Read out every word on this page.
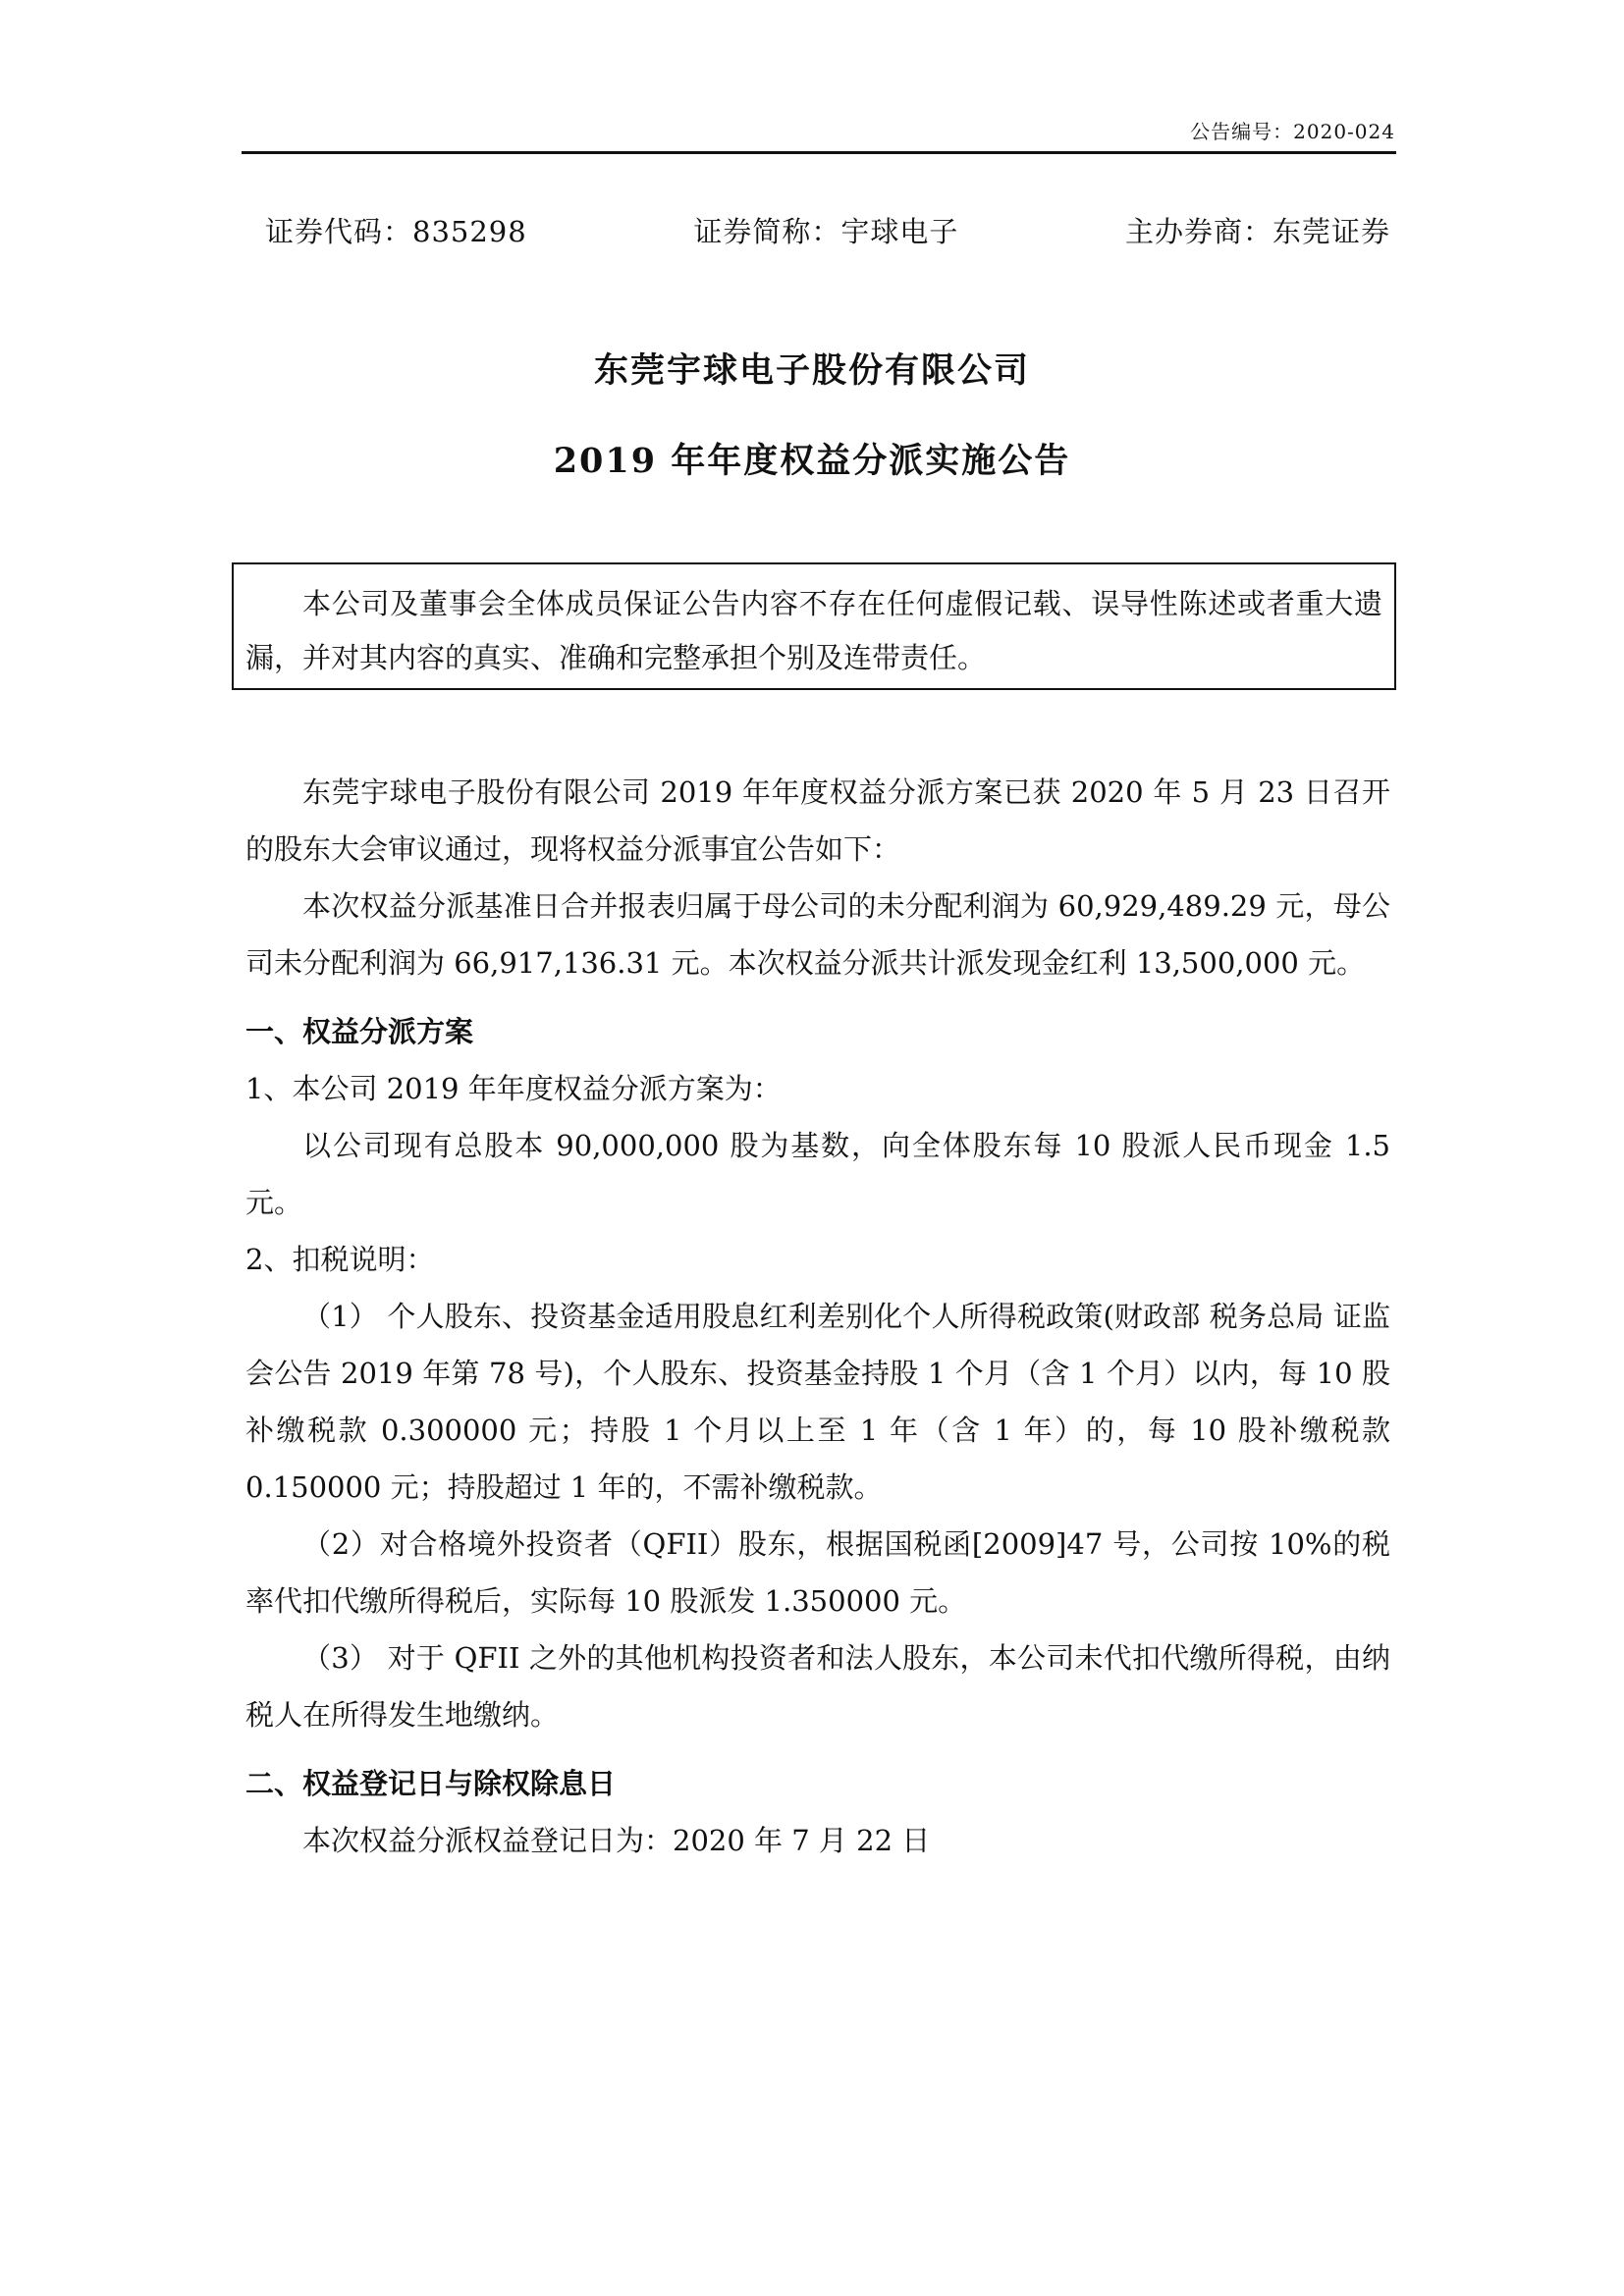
公告编号：2020-024
证券代码：835298	证券简称：宇球电子	主办券商：东莞证券
东莞宇球电子股份有限公司
2019 年年度权益分派实施公告
本公司及董事会全体成员保证公告内容不存在任何虚假记载、误导性陈述或者重大遗漏，并对其内容的真实、准确和完整承担个别及连带责任。

东莞宇球电子股份有限公司 2019 年年度权益分派方案已获 2020 年 5 月 23 日召开的股东大会审议通过，现将权益分派事宜公告如下：

本次权益分派基准日合并报表归属于母公司的未分配利润为 60,929,489.29 元，母公司未分配利润为 66,917,136.31 元。本次权益分派共计派发现金红利 13,500,000 元。

一、权益分派方案

1、本公司 2019 年年度权益分派方案为：

以公司现有总股本 90,000,000 股为基数，向全体股东每 10 股派人民币现金 1.5 元。

2、扣税说明：

（1） 个人股东、投资基金适用股息红利差别化个人所得税政策(财政部 税务总局 证监会公告 2019 年第 78 号)，个人股东、投资基金持股 1 个月（含 1 个月）以内，每 10 股补缴税款 0.300000 元；持股 1 个月以上至 1 年（含 1 年）的，每 10 股补缴税款 0.150000 元；持股超过 1 年的，不需补缴税款。

（2）对合格境外投资者（QFII）股东，根据国税函[2009]47 号，公司按 10%的税率代扣代缴所得税后，实际每 10 股派发 1.350000 元。

（3） 对于 QFII 之外的其他机构投资者和法人股东，本公司未代扣代缴所得税，由纳税人在所得发生地缴纳。

二、权益登记日与除权除息日

本次权益分派权益登记日为：2020 年 7 月 22 日
